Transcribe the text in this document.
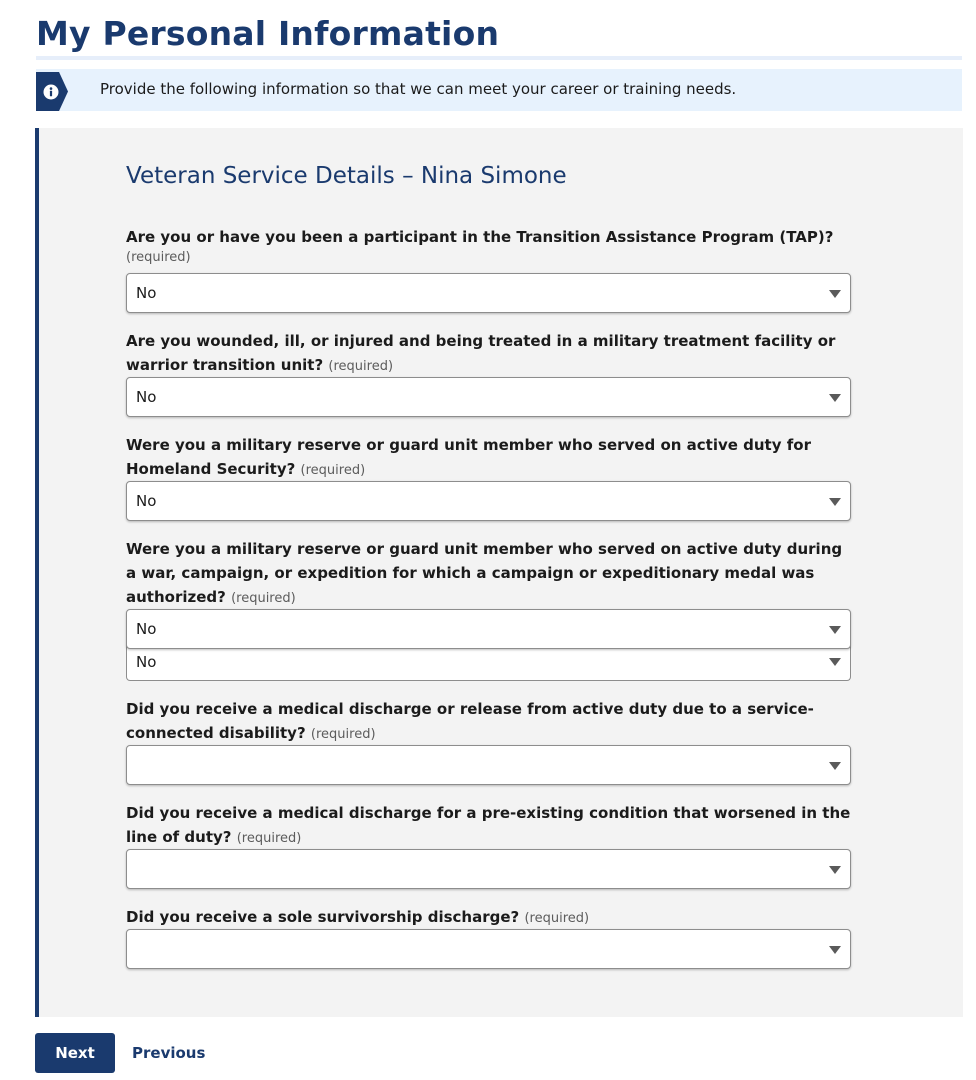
My Personal Information
Provide the following information so that we can meet your career or training needs.
Veteran Service Details – Nina Simone
Are you or have you been a participant in the Transition Assistance Program (TAP)?
(required)
No
Are you wounded, ill, or injured and being treated in a military treatment facility or warrior transition unit? (required)
No
Were you a military reserve or guard unit member who served on active duty for Homeland Security? (required)
No
Were you a military reserve or guard unit member who served on active duty during a war, campaign, or expedition for which a campaign or expeditionary medal was authorized? (required)
No
No
Did you receive a medical discharge or release from active duty due to a service-connected disability? (required)
Did you receive a medical discharge for a pre-existing condition that worsened in the line of duty? (required)
Did you receive a sole survivorship discharge? (required)
Next	Previous
